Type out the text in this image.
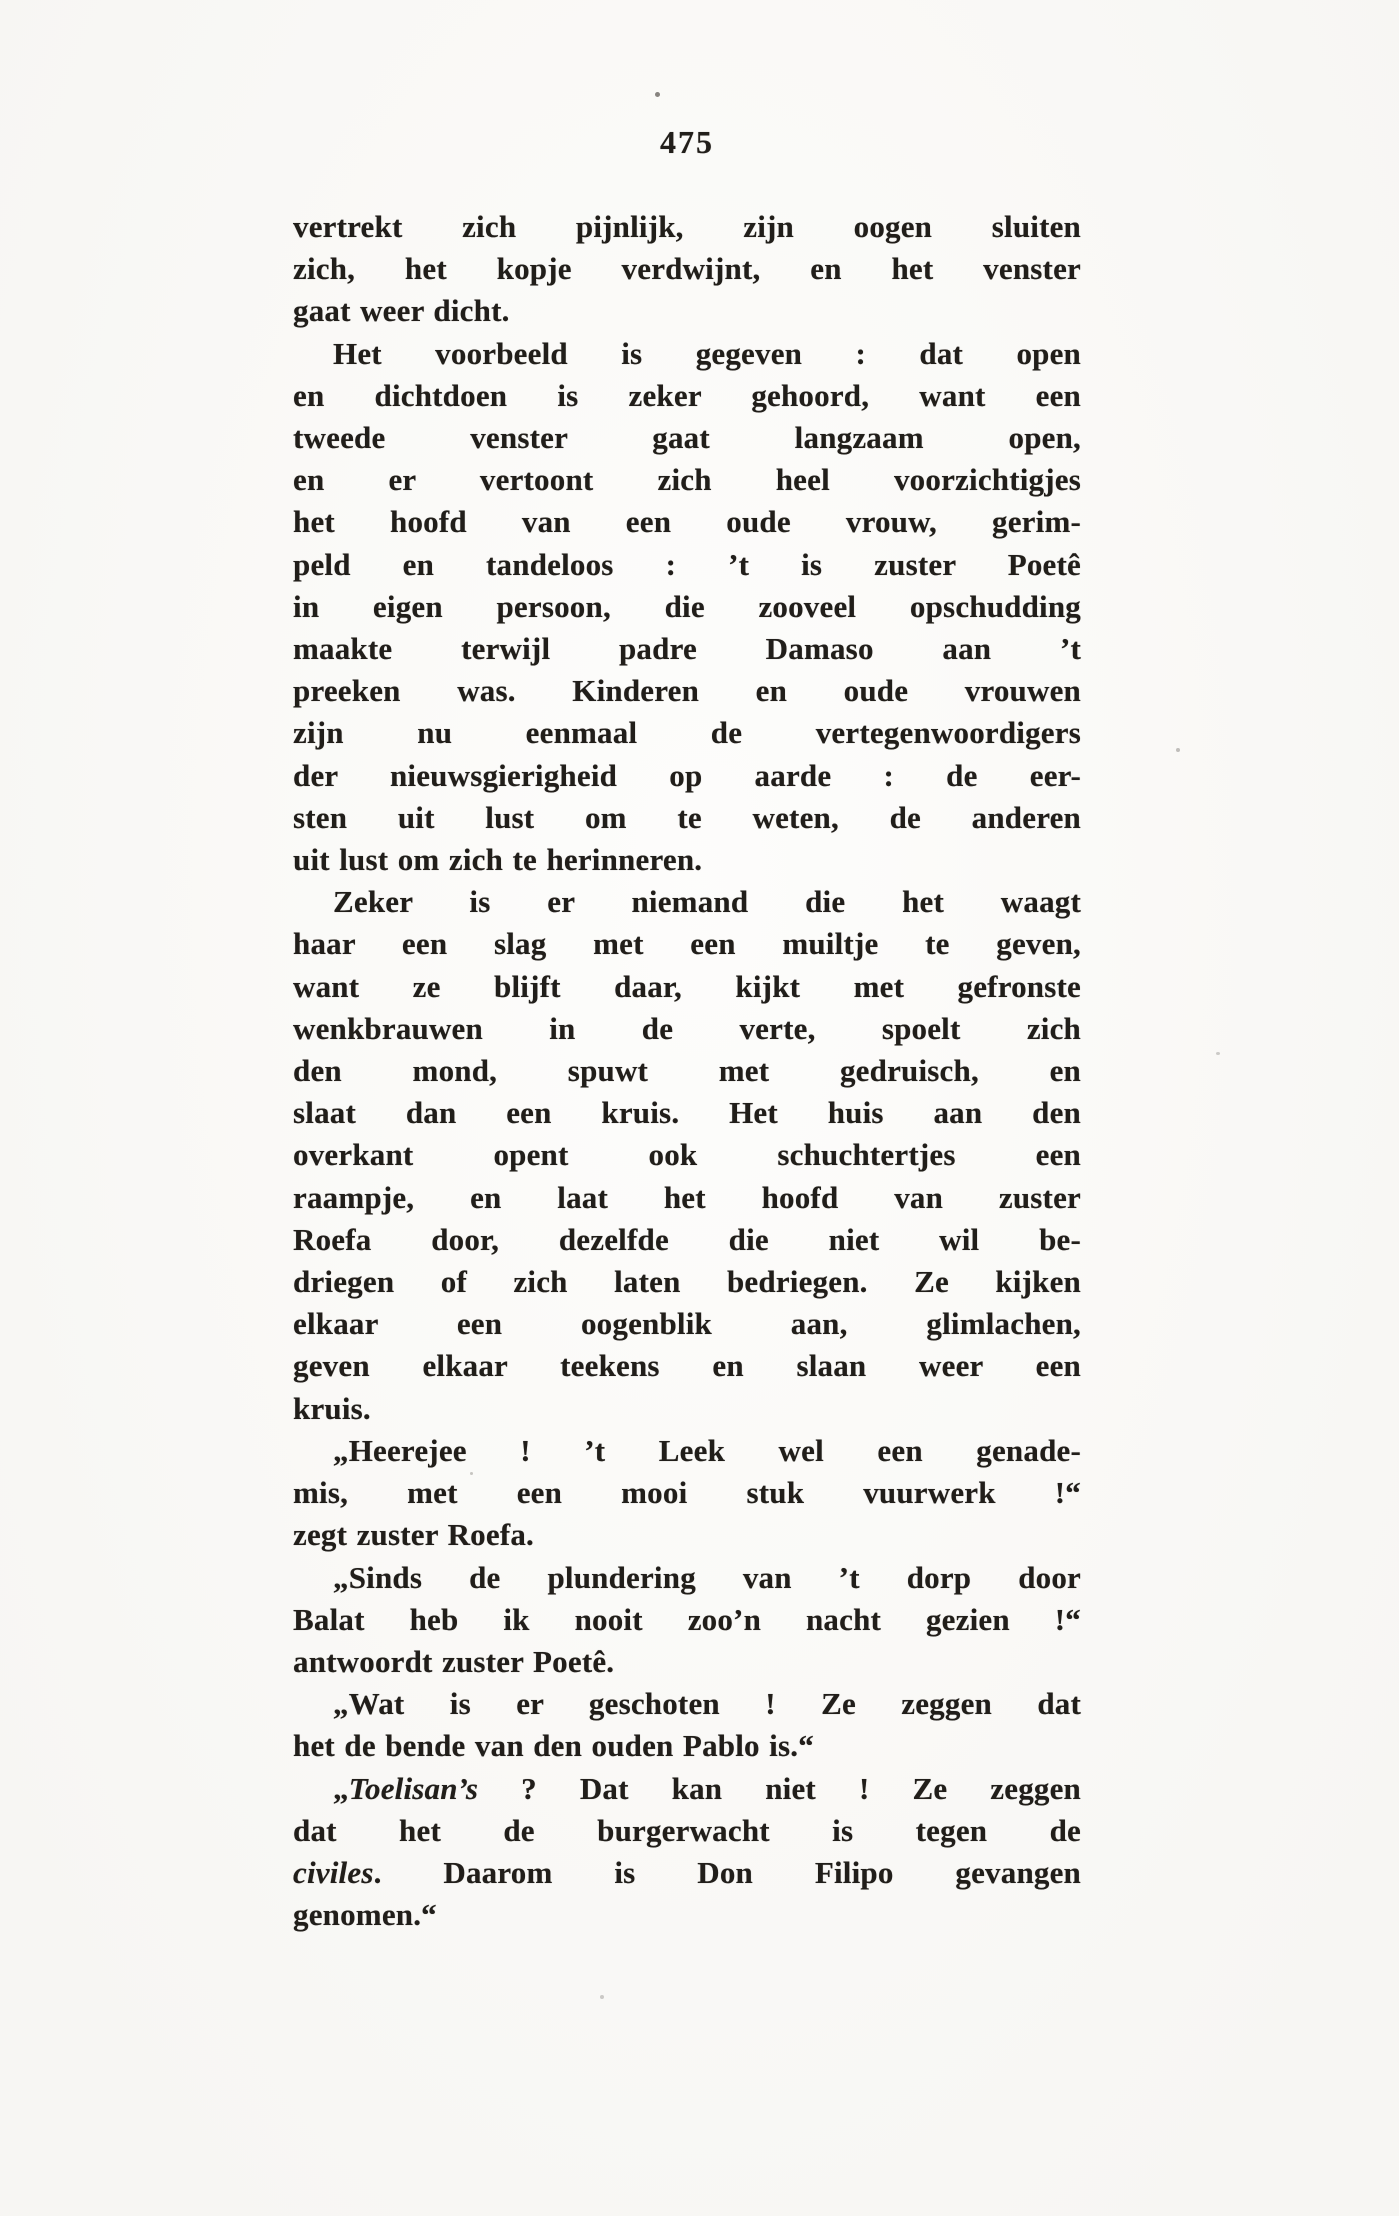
475
vertrekt zich pijnlijk, zijn oogen sluiten
zich, het kopje verdwijnt, en het venster
gaat weer dicht.
Het voorbeeld is gegeven : dat open
en dichtdoen is zeker gehoord, want een
tweede venster gaat langzaam open,
en er vertoont zich heel voorzichtigjes
het hoofd van een oude vrouw, gerim-
peld en tandeloos : ’t is zuster Poetê
in eigen persoon, die zooveel opschudding
maakte terwijl padre Damaso aan ’t
preeken was. Kinderen en oude vrouwen
zijn nu eenmaal de vertegenwoordigers
der nieuwsgierigheid op aarde : de eer-
sten uit lust om te weten, de anderen
uit lust om zich te herinneren.
Zeker is er niemand die het waagt
haar een slag met een muiltje te geven,
want ze blijft daar, kijkt met gefronste
wenkbrauwen in de verte, spoelt zich
den mond, spuwt met gedruisch, en
slaat dan een kruis. Het huis aan den
overkant opent ook schuchtertjes een
raampje, en laat het hoofd van zuster
Roefa door, dezelfde die niet wil be-
driegen of zich laten bedriegen. Ze kijken
elkaar een oogenblik aan, glimlachen,
geven elkaar teekens en slaan weer een
kruis.
„Heerejee ! ’t Leek wel een genade-
mis, met een mooi stuk vuurwerk !“
zegt zuster Roefa.
„Sinds de plundering van ’t dorp door
Balat heb ik nooit zoo’n nacht gezien !“
antwoordt zuster Poetê.
„Wat is er geschoten ! Ze zeggen dat
het de bende van den ouden Pablo is.“
„Toelisan’s ? Dat kan niet ! Ze zeggen
dat het de burgerwacht is tegen de
civiles. Daarom is Don Filipo gevangen
genomen.“
